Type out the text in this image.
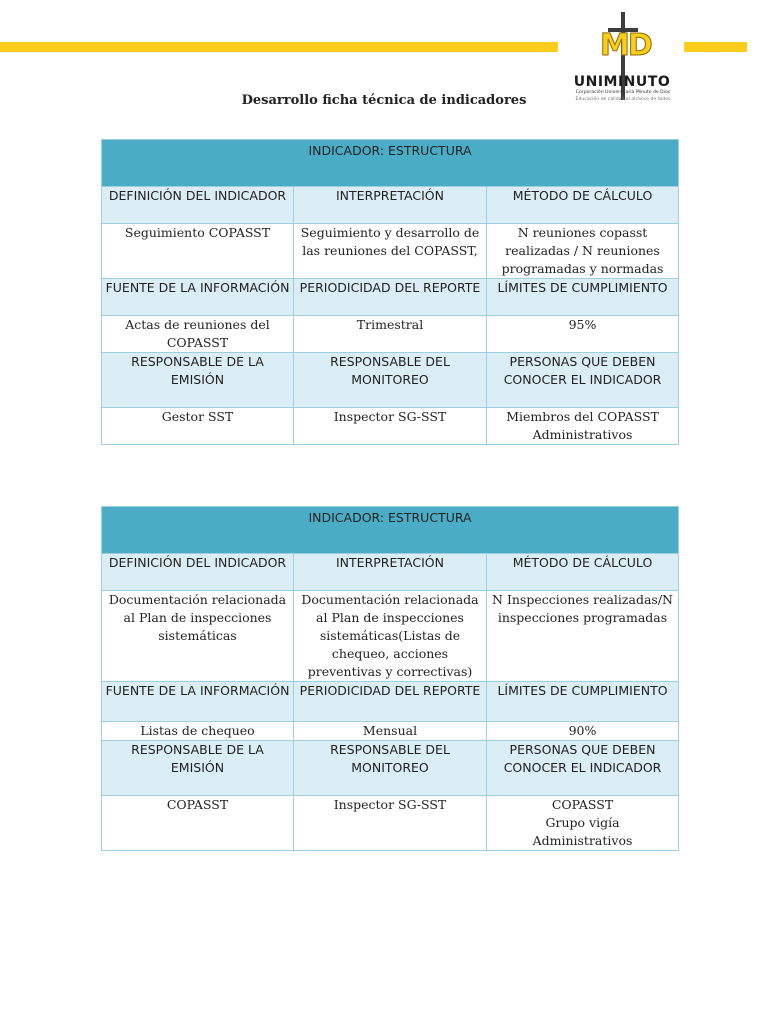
MD
UNIMINUTO
Corporación Universitaria Minuto de Dios
Educación de calidad al alcance de todos
Desarrollo ficha técnica de indicadores
INDICADOR: ESTRUCTURA		
DEFINICIÓN DEL INDICADOR	INTERPRETACIÓN	MÉTODO DE CÁLCULO
Seguimiento COPASST	Seguimiento y desarrollo de las reuniones del COPASST,	N reuniones copasst realizadas / N reuniones programadas y normadas
FUENTE DE LA INFORMACIÓN	PERIODICIDAD DEL REPORTE	LÍMITES DE CUMPLIMIENTO
Actas de reuniones del COPASST	Trimestral	95%
RESPONSABLE DE LA EMISIÓN	RESPONSABLE DEL MONITOREO	PERSONAS QUE DEBEN CONOCER EL INDICADOR
Gestor SST	Inspector SG-SST	Miembros del COPASST
Administrativos
INDICADOR: ESTRUCTURA		
DEFINICIÓN DEL INDICADOR	INTERPRETACIÓN	MÉTODO DE CÁLCULO
Documentación relacionada al Plan de inspecciones sistemáticas	Documentación relacionada al Plan de inspecciones sistemáticas(Listas de chequeo, acciones preventivas y correctivas)	N Inspecciones realizadas/N inspecciones programadas
FUENTE DE LA INFORMACIÓN	PERIODICIDAD DEL REPORTE	LÍMITES DE CUMPLIMIENTO
Listas de chequeo	Mensual	90%
RESPONSABLE DE LA EMISIÓN	RESPONSABLE DEL MONITOREO	PERSONAS QUE DEBEN CONOCER EL INDICADOR
COPASST	Inspector SG-SST	COPASST
Grupo vigía
Administrativos
